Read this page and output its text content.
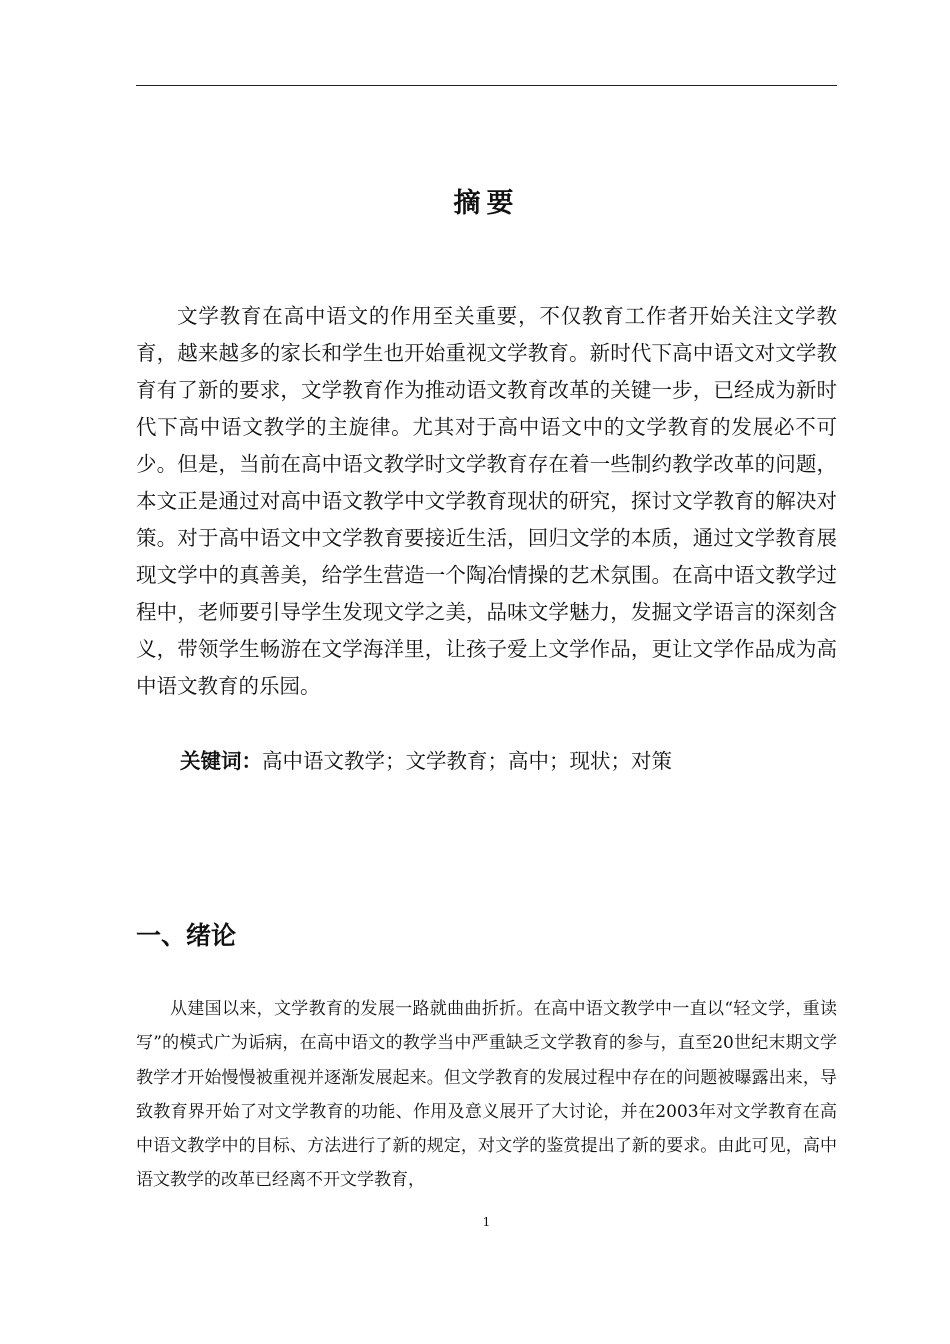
摘要

文学教育在高中语文的作用至关重要，不仅教育工作者开始关注文学教育，越来越多的家长和学生也开始重视文学教育。新时代下高中语文对文学教育有了新的要求，文学教育作为推动语文教育改革的关键一步，已经成为新时代下高中语文教学的主旋律。尤其对于高中语文中的文学教育的发展必不可少。但是，当前在高中语文教学时文学教育存在着一些制约教学改革的问题，本文正是通过对高中语文教学中文学教育现状的研究，探讨文学教育的解决对策。对于高中语文中文学教育要接近生活，回归文学的本质，通过文学教育展现文学中的真善美，给学生营造一个陶冶情操的艺术氛围。在高中语文教学过程中，老师要引导学生发现文学之美，品味文学魅力，发掘文学语言的深刻含义，带领学生畅游在文学海洋里，让孩子爱上文学作品，更让文学作品成为高中语文教育的乐园。

关键词：高中语文教学；文学教育；高中；现状；对策

一、绪论

从建国以来，文学教育的发展一路就曲曲折折。在高中语文教学中一直以“轻文学，重读写”的模式广为诟病，在高中语文的教学当中严重缺乏文学教育的参与，直至20世纪末期文学教学才开始慢慢被重视并逐渐发展起来。但文学教育的发展过程中存在的问题被曝露出来，导致教育界开始了对文学教育的功能、作用及意义展开了大讨论，并在2003年对文学教育在高中语文教学中的目标、方法进行了新的规定，对文学的鉴赏提出了新的要求。由此可见，高中语文教学的改革已经离不开文学教育，

1
